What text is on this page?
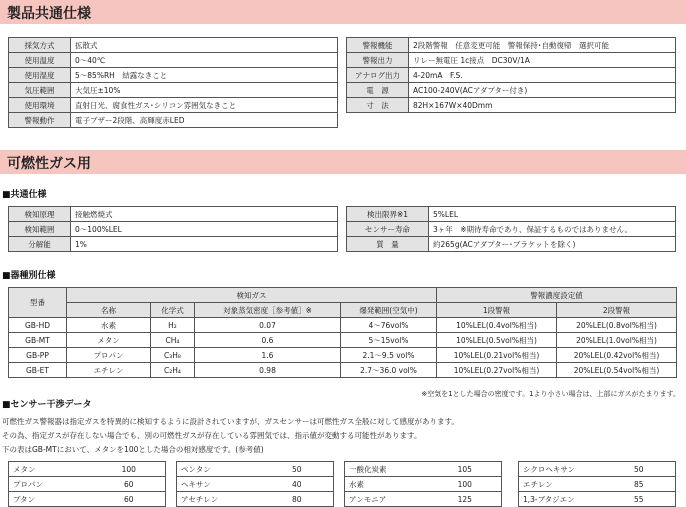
製品共通仕様
採気方式	拡散式
使用温度	0〜40℃
使用湿度	5〜85%RH　結露なきこと
気圧範囲	大気圧±10%
使用環境	直射日光、腐食性ガス･シリコン雰囲気なきこと
警報動作	電子ブザー2段階、高輝度赤LED
警報機能	2段階警報　任意変更可能　警報保持･自動復帰　選択可能
警報出力	リレー無電圧 1c接点　DC30V/1A
アナログ出力	4-20mA　F.S.
電　源	AC100-240V(ACアダプター付き)
寸　法	82H×167W×40Dmm
可燃性ガス用
■共通仕様
検知原理	接触燃焼式
検知範囲	0〜100%LEL
分解能	1%
検出限界※1	5%LEL
センサー寿命	3ヶ年　※期待寿命であり、保証するものではありません。
質　量	約265g(ACアダプター･ブラケットを除く)
■器種別仕様
型番	検知ガス				警報濃度設定値	
	名称	化学式	対象蒸気密度［参考値］※	爆発範囲(空気中)	1段警報	2段警報
GB-HD	水素	H₂	0.07	4〜76vol%	10%LEL(0.4vol%相当)	20%LEL(0.8vol%相当)
GB-MT	メタン	CH₄	0.6	5〜15vol%	10%LEL(0.5vol%相当)	20%LEL(1.0vol%相当)
GB-PP	プロパン	C₃H₈	1.6	2.1〜9.5 vol%	10%LEL(0.21vol%相当)	20%LEL(0.42vol%相当)
GB-ET	エチレン	C₂H₄	0.98	2.7〜36.0 vol%	10%LEL(0.27vol%相当)	20%LEL(0.54vol%相当)
※空気を1とした場合の密度です。1より小さい場合は、上部にガスがたまります。
■センサー干渉データ
可燃性ガス警報器は指定ガスを特異的に検知するように設計されていますが、ガスセンサーは可燃性ガス全般に対して感度があります。
その為、指定ガスが存在しない場合でも、別の可燃性ガスが存在している雰囲気では、指示値が変動する可能性があります。
下の表はGB-MTにおいて、メタンを100とした場合の相対感度です。(参考値)
メタン	100
プロパン	60
ブタン	60
ペンタン	50
ヘキサン	40
アセチレン	80
一酸化炭素	105
水素	100
アンモニア	125
シクロヘキサン	50
エチレン	85
1,3-ブタジエン	55
